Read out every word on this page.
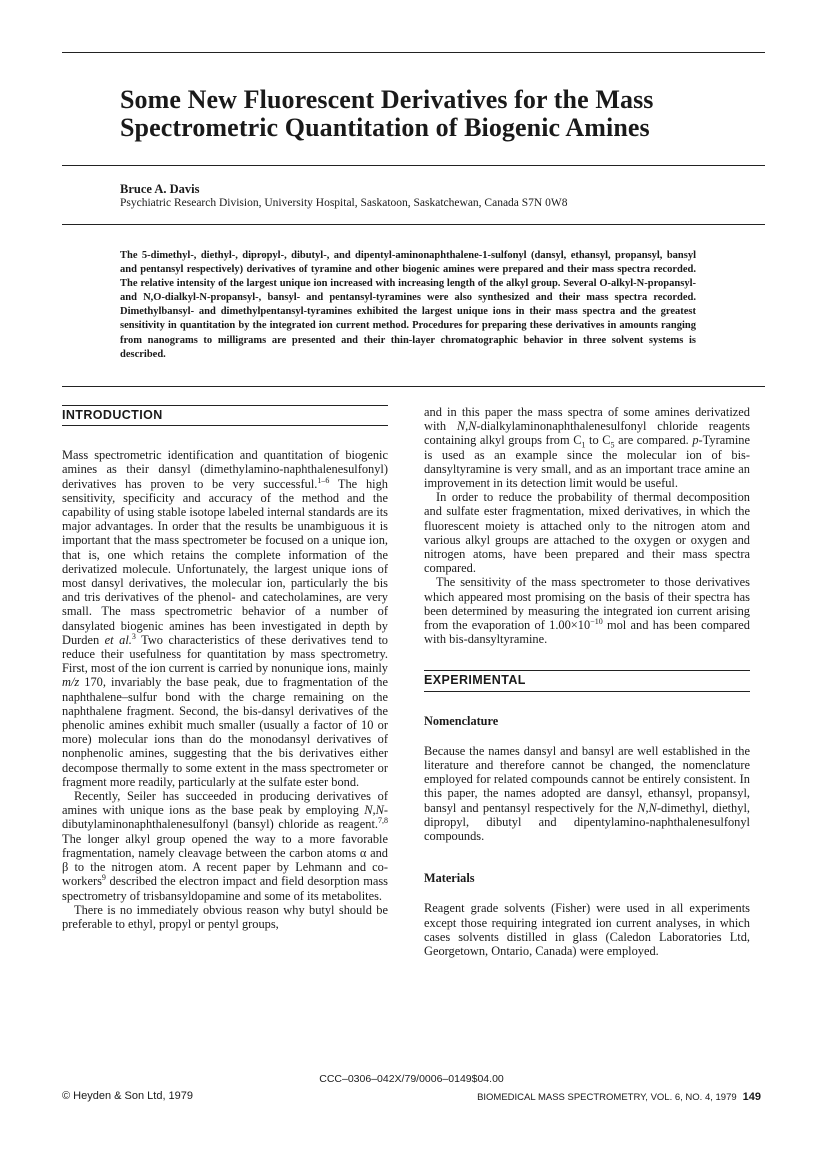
Some New Fluorescent Derivatives for the Mass Spectrometric Quantitation of Biogenic Amines
Bruce A. Davis
Psychiatric Research Division, University Hospital, Saskatoon, Saskatchewan, Canada S7N 0W8

The 5-dimethyl-, diethyl-, dipropyl-, dibutyl-, and dipentyl-aminonaphthalene-1-sulfonyl (dansyl, ethansyl, propansyl, bansyl and pentansyl respectively) derivatives of tyramine and other biogenic amines were prepared and their mass spectra recorded. The relative intensity of the largest unique ion increased with increasing length of the alkyl group. Several O-alkyl-N-propansyl- and N,O-dialkyl-N-propansyl-, bansyl- and pentansyl-tyramines were also synthesized and their mass spectra recorded. Dimethylbansyl- and dimethylpentansyl-tyramines exhibited the largest unique ions in their mass spectra and the greatest sensitivity in quantitation by the integrated ion current method. Procedures for preparing these derivatives in amounts ranging from nanograms to milligrams are presented and their thin-layer chromatographic behavior in three solvent systems is described.

INTRODUCTION

Mass spectrometric identification and quantitation of biogenic amines as their dansyl (dimethylamino-naphthalenesulfonyl) derivatives has proven to be very successful.$^{1-6}$ The high sensitivity, specificity and accuracy of the method and the capability of using stable isotope labeled internal standards are its major advantages. In order that the results be unambiguous it is important that the mass spectrometer be focused on a unique ion, that is, one which retains the complete information of the derivatized molecule. Unfortunately, the largest unique ions of most dansyl derivatives, the molecular ion, particularly the bis and tris derivatives of the phenol- and catecholamines, are very small. The mass spectrometric behavior of a number of dansylated biogenic amines has been investigated in depth by Durden et al.$^3$ Two characteristics of these derivatives tend to reduce their usefulness for quantitation by mass spectrometry. First, most of the ion current is carried by nonunique ions, mainly m/z 170, invariably the base peak, due to fragmentation of the naphthalene–sulfur bond with the charge remaining on the naphthalene fragment. Second, the bis-dansyl derivatives of the phenolic amines exhibit much smaller (usually a factor of 10 or more) molecular ions than do the monodansyl derivatives of nonphenolic amines, suggesting that the bis derivatives either decompose thermally to some extent in the mass spectrometer or fragment more readily, particularly at the sulfate ester bond.

Recently, Seiler has succeeded in producing derivatives of amines with unique ions as the base peak by employing N,N-dibutylaminonaphthalenesulfonyl (bansyl) chloride as reagent.$^{7,8}$ The longer alkyl group opened the way to a more favorable fragmentation, namely cleavage between the carbon atoms α and β to the nitrogen atom. A recent paper by Lehmann and co-workers$^9$ described the electron impact and field desorption mass spectrometry of trisbansyldopamine and some of its metabolites.

There is no immediately obvious reason why butyl should be preferable to ethyl, propyl or pentyl groups,

and in this paper the mass spectra of some amines derivatized with N,N-dialkylaminonaphthalenesulfonyl chloride reagents containing alkyl groups from $C_1$ to $C_5$ are compared. p-Tyramine is used as an example since the molecular ion of bis-dansyltyramine is very small, and as an important trace amine an improvement in its detection limit would be useful.

In order to reduce the probability of thermal decomposition and sulfate ester fragmentation, mixed derivatives, in which the fluorescent moiety is attached only to the nitrogen atom and various alkyl groups are attached to the oxygen or oxygen and nitrogen atoms, have been prepared and their mass spectra compared.

The sensitivity of the mass spectrometer to those derivatives which appeared most promising on the basis of their spectra has been determined by measuring the integrated ion current arising from the evaporation of $1.00\times 10^{-10}$ mol and has been compared with bis-dansyltyramine.

EXPERIMENTAL
Nomenclature

Because the names dansyl and bansyl are well established in the literature and therefore cannot be changed, the nomenclature employed for related compounds cannot be entirely consistent. In this paper, the names adopted are dansyl, ethansyl, propansyl, bansyl and pentansyl respectively for the N,N-dimethyl, diethyl, dipropyl, dibutyl and dipentylamino-naphthalenesulfonyl compounds.

Materials

Reagent grade solvents (Fisher) were used in all experiments except those requiring integrated ion current analyses, in which cases solvents distilled in glass (Caledon Laboratories Ltd, Georgetown, Ontario, Canada) were employed.

CCC–0306–042X/79/0006–0149$04.00
© Heyden & Son Ltd, 1979	BIOMEDICAL MASS SPECTROMETRY, VOL. 6, NO. 4, 1979 149
